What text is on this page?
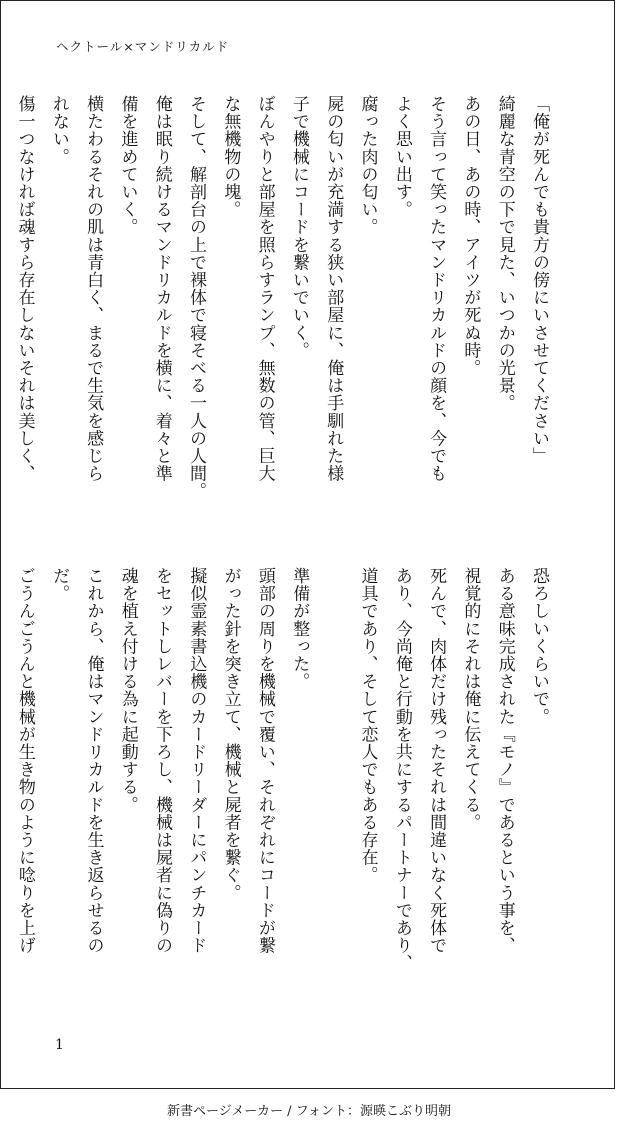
ヘクトール×マンドリカルド

「俺が死んでも貴方の傍にいさせてください」

綺麗な青空の下で見た、いつかの光景。

あの日、あの時、アイツが死ぬ時。

そう言って笑ったマンドリカルドの顔を、今でも

よく思い出す。

腐った肉の匂い。

屍の匂いが充満する狭い部屋に、俺は手馴れた様

子で機械にコードを繋いでいく。

ぼんやりと部屋を照らすランプ、無数の管、巨大

な無機物の塊。

そして、解剖台の上で裸体で寝そべる一人の人間。

俺は眠り続けるマンドリカルドを横に、着々と準

備を進めていく。

横たわるそれの肌は青白く、まるで生気を感じら

れない。

傷一つなければ魂すら存在しないそれは美しく、

恐ろしいくらいで。

ある意味完成された『モノ』であるという事を、

視覚的にそれは俺に伝えてくる。

死んで、肉体だけ残ったそれは間違いなく死体で

あり、今尚俺と行動を共にするパートナーであり、

道具であり、そして恋人でもある存在。

準備が整った。

頭部の周りを機械で覆い、それぞれにコードが繋

がった針を突き立て、機械と屍者を繋ぐ。

擬似霊素書込機のカードリーダーにパンチカード

をセットしレバーを下ろし、機械は屍者に偽りの

魂を植え付ける為に起動する。

これから、俺はマンドリカルドを生き返らせるの

だ。

ごうんごうんと機械が生き物のように唸りを上げ

1
新書ページメーカー / フォント：源暎こぶり明朝
